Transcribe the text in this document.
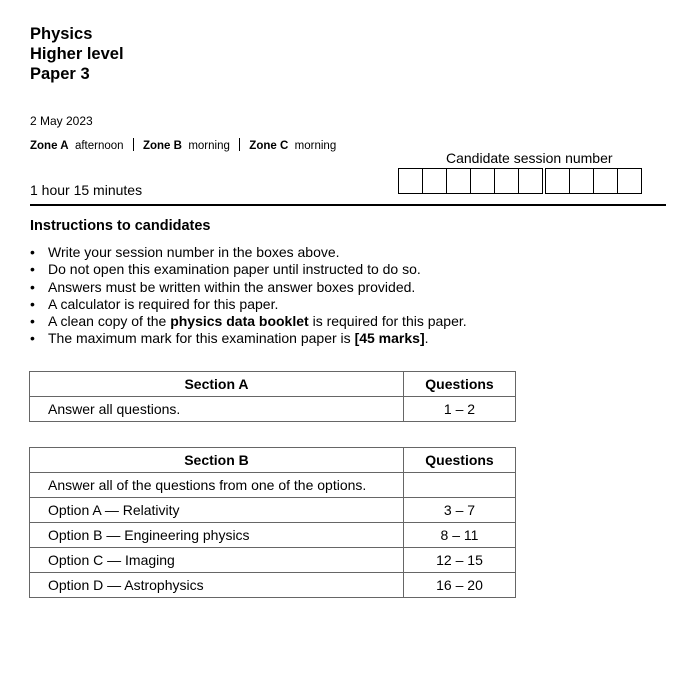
Physics
Higher level
Paper 3
2 May 2023
Zone A afternoon Zone B morning Zone C morning
Candidate session number
1 hour 15 minutes
Instructions to candidates
• Write your session number in the boxes above.
• Do not open this examination paper until instructed to do so.
• Answers must be written within the answer boxes provided.
• A calculator is required for this paper.
• A clean copy of the physics data booklet is required for this paper.
• The maximum mark for this examination paper is [45 marks].
Section A	Questions
Answer all questions.	1 – 2
Section B	Questions
Answer all of the questions from one of the options.	
Option A — Relativity	3 – 7
Option B — Engineering physics	8 – 11
Option C — Imaging	12 – 15
Option D — Astrophysics	16 – 20
